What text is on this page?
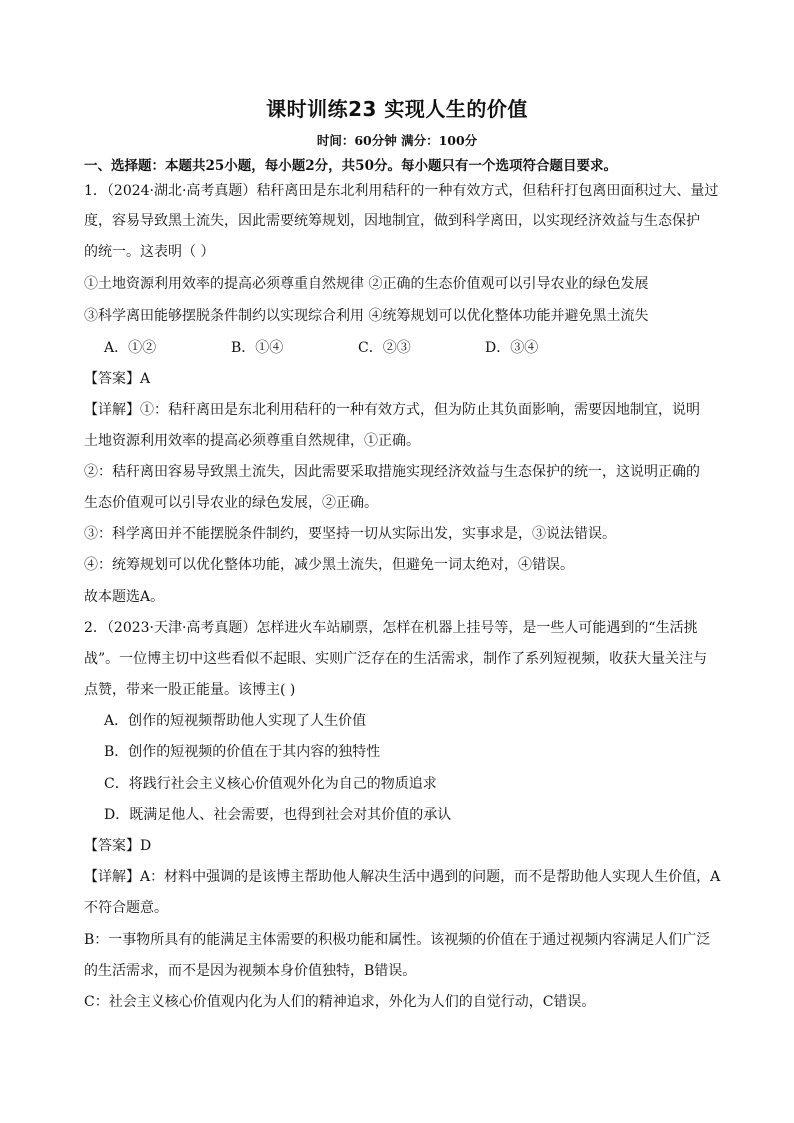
课时训练23 实现人生的价值
时间：60分钟 满分：100分
一、选择题：本题共25小题，每小题2分，共50分。每小题只有一个选项符合题目要求。
1．（2024·湖北·高考真题）秸秆离田是东北利用秸秆的一种有效方式，但秸秆打包离田面积过大、量过
度，容易导致黑土流失，因此需要统筹规划，因地制宜，做到科学离田，以实现经济效益与生态保护
的统一。这表明（ ）
①土地资源利用效率的提高必须尊重自然规律 ②正确的生态价值观可以引导农业的绿色发展
③科学离田能够摆脱条件制约以实现综合利用 ④统筹规划可以优化整体功能并避免黑土流失
A．①②	B．①④	C．②③	D．③④
【答案】A
【详解】①：秸秆离田是东北利用秸秆的一种有效方式，但为防止其负面影响，需要因地制宜，说明
土地资源利用效率的提高必须尊重自然规律，①正确。
②：秸秆离田容易导致黑土流失，因此需要采取措施实现经济效益与生态保护的统一，这说明正确的
生态价值观可以引导农业的绿色发展，②正确。
③：科学离田并不能摆脱条件制约，要坚持一切从实际出发，实事求是，③说法错误。
④：统筹规划可以优化整体功能，减少黑土流失，但避免一词太绝对，④错误。
故本题选A。
2．（2023·天津·高考真题）怎样进火车站刷票，怎样在机器上挂号等，是一些人可能遇到的“生活挑
战”。一位博主切中这些看似不起眼、实则广泛存在的生活需求，制作了系列短视频，收获大量关注与
点赞，带来一股正能量。该博主( )
A．创作的短视频帮助他人实现了人生价值
B．创作的短视频的价值在于其内容的独特性
C．将践行社会主义核心价值观外化为自己的物质追求
D．既满足他人、社会需要，也得到社会对其价值的承认
【答案】D
【详解】A：材料中强调的是该博主帮助他人解决生活中遇到的问题，而不是帮助他人实现人生价值，A
不符合题意。
B：一事物所具有的能满足主体需要的积极功能和属性。该视频的价值在于通过视频内容满足人们广泛
的生活需求，而不是因为视频本身价值独特，B错误。
C：社会主义核心价值观内化为人们的精神追求，外化为人们的自觉行动，C错误。
